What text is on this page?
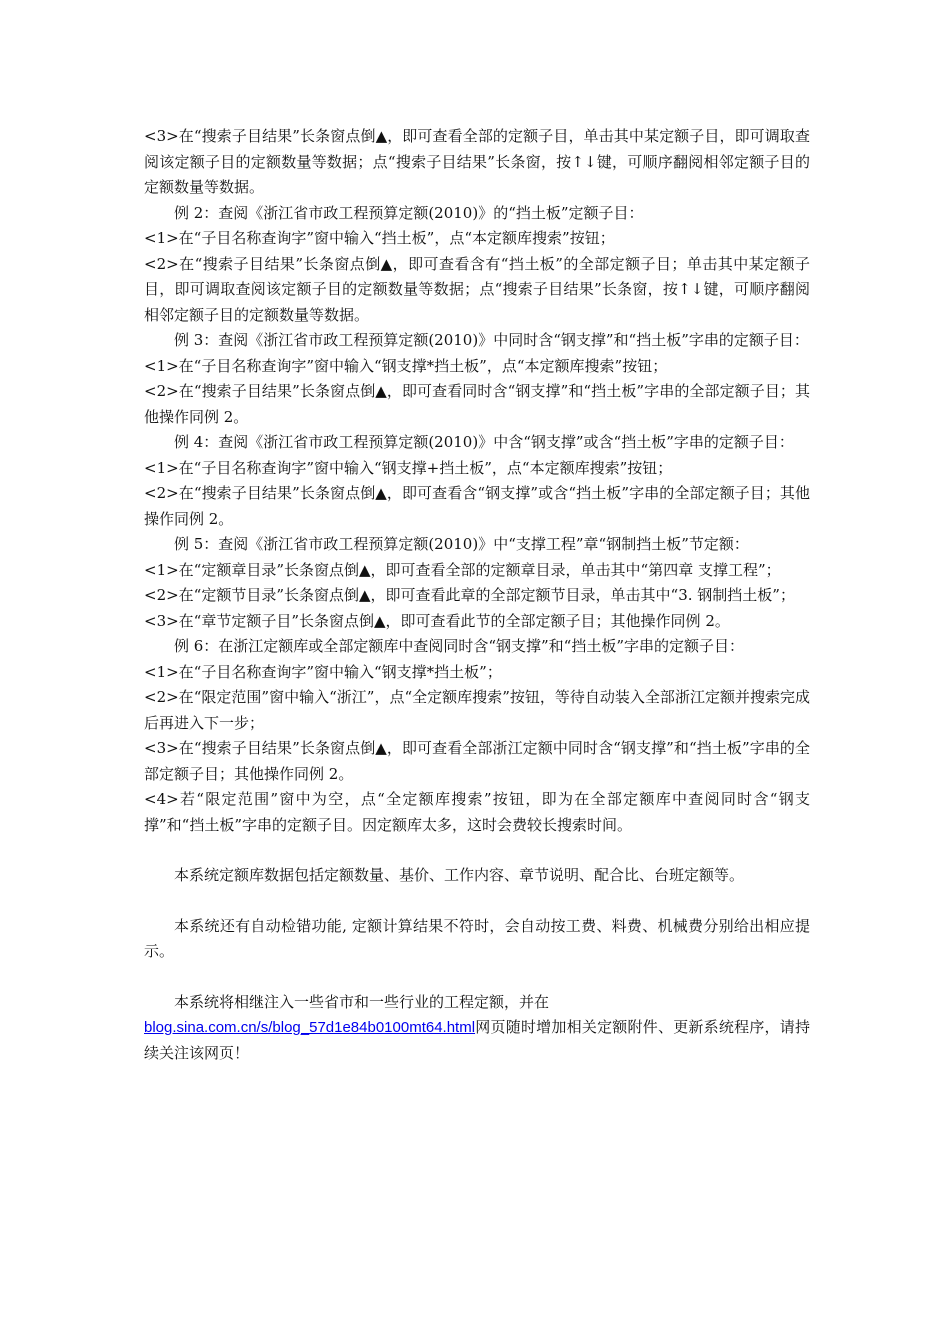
<3>在“搜索子目结果”长条窗点倒▲，即可查看全部的定额子目，单击其中某定额子目，即可调取查阅该定额子目的定额数量等数据；点“搜索子目结果”长条窗，按↑↓键，可顺序翻阅相邻定额子目的定额数量等数据。

例 2：查阅《浙江省市政工程预算定额(2010)》的“挡土板”定额子目：

<1>在“子目名称查询字”窗中输入“挡土板”，点“本定额库搜索”按钮；

<2>在“搜索子目结果”长条窗点倒▲，即可查看含有“挡土板”的全部定额子目；单击其中某定额子目，即可调取查阅该定额子目的定额数量等数据；点“搜索子目结果”长条窗，按↑↓键，可顺序翻阅相邻定额子目的定额数量等数据。

例 3：查阅《浙江省市政工程预算定额(2010)》中同时含“钢支撑”和“挡土板”字串的定额子目：

<1>在“子目名称查询字”窗中输入“钢支撑*挡土板”，点“本定额库搜索”按钮；

<2>在“搜索子目结果”长条窗点倒▲，即可查看同时含“钢支撑”和“挡土板”字串的全部定额子目；其他操作同例 2。

例 4：查阅《浙江省市政工程预算定额(2010)》中含“钢支撑”或含“挡土板”字串的定额子目：

<1>在“子目名称查询字”窗中输入“钢支撑+挡土板”，点“本定额库搜索”按钮；

<2>在“搜索子目结果”长条窗点倒▲，即可查看含“钢支撑”或含“挡土板”字串的全部定额子目；其他操作同例 2。

例 5：查阅《浙江省市政工程预算定额(2010)》中“支撑工程”章“钢制挡土板”节定额：

<1>在“定额章目录”长条窗点倒▲，即可查看全部的定额章目录，单击其中“第四章 支撑工程”；

<2>在“定额节目录”长条窗点倒▲，即可查看此章的全部定额节目录，单击其中“3. 钢制挡土板”；

<3>在“章节定额子目”长条窗点倒▲，即可查看此节的全部定额子目；其他操作同例 2。

例 6：在浙江定额库或全部定额库中查阅同时含“钢支撑”和“挡土板”字串的定额子目：

<1>在“子目名称查询字”窗中输入“钢支撑*挡土板”；

<2>在“限定范围”窗中输入“浙江”，点“全定额库搜索”按钮，等待自动装入全部浙江定额并搜索完成后再进入下一步；

<3>在“搜索子目结果”长条窗点倒▲，即可查看全部浙江定额中同时含“钢支撑”和“挡土板”字串的全部定额子目；其他操作同例 2。

<4>若“限定范围”窗中为空，点“全定额库搜索”按钮，即为在全部定额库中查阅同时含“钢支撑”和“挡土板”字串的定额子目。因定额库太多，这时会费较长搜索时间。

本系统定额库数据包括定额数量、基价、工作内容、章节说明、配合比、台班定额等。

本系统还有自动检错功能, 定额计算结果不符时，会自动按工费、料费、机械费分别给出相应提示。

本系统将相继注入一些省市和一些行业的工程定额，并在

blog.sina.com.cn/s/blog_57d1e84b0100mt64.html网页随时增加相关定额附件、更新系统程序，请持续关注该网页！
